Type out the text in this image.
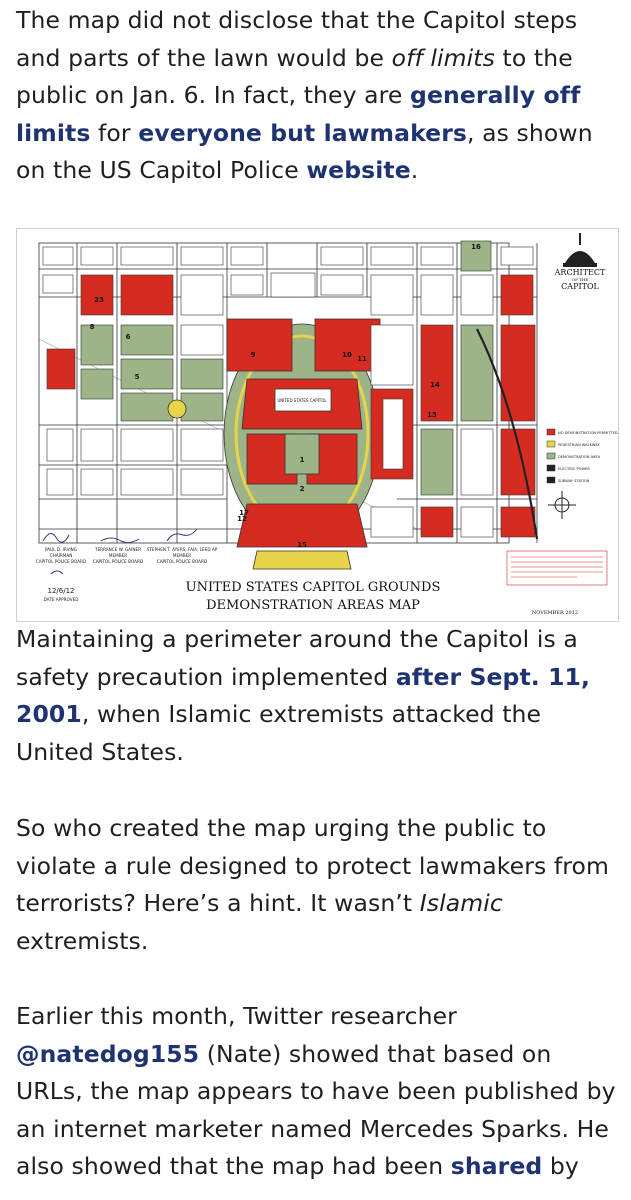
The map did not disclose that the Capitol steps and parts of the lawn would be off limits to the public on Jan. 6. In fact, they are generally off limits for everyone but lawmakers, as shown on the US Capitol Police website.

NO DEMONSTRATION PERMITTED
PEDESTRIAN WALKWAY
DEMONSTRATION AREA
ELECTRIC POWER
SUBWAY STATION
1
2
9	10 11
12
13
14
15
16
17
6
8
5
23
UNITED STATES CAPITOL
PAUL D. IRVING
CHAIRMAN
CAPITOL POLICE BOARD
TERRANCE W. GAINER
MEMBER
CAPITOL POLICE BOARD
STEPHEN T. AYERS, FAIA, LEED AP
MEMBER
CAPITOL POLICE BOARD
DATE APPROVED
12/6/12	UNITED STATES CAPITOL GROUNDS
DEMONSTRATION AREAS MAP	NOVEMBER 2012
ARCHITECT
OF THE
CAPITOL

Maintaining a perimeter around the Capitol is a safety precaution implemented after Sept. 11, 2001, when Islamic extremists attacked the United States.

So who created the map urging the public to violate a rule designed to protect lawmakers from terrorists? Here’s a hint. It wasn’t Islamic extremists.

Earlier this month, Twitter researcher @natedog155 (Nate) showed that based on URLs, the map appears to have been published by an internet marketer named Mercedes Sparks. He also showed that the map had been shared by
